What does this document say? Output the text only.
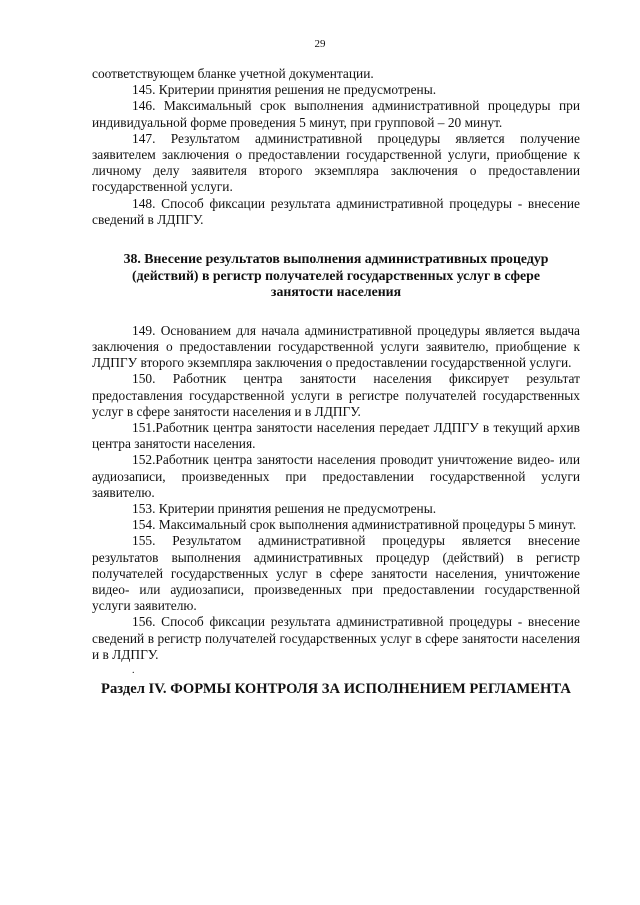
29

соответствующем бланке учетной документации.

145. Критерии принятия решения не предусмотрены.

146. Максимальный срок выполнения административной процедуры при индивидуальной форме проведения 5 минут, при групповой – 20 минут.

147. Результатом административной процедуры является получение заявителем заключения о предоставлении государственной услуги, приобщение к личному делу заявителя второго экземпляра заключения о предоставлении государственной услуги.

148. Способ фиксации результата административной процедуры - внесение сведений в ЛДПГУ.

38. Внесение результатов выполнения административных процедур (действий) в регистр получателей государственных услуг в сфере занятости населения

149. Основанием для начала административной процедуры является выдача заключения о предоставлении государственной услуги заявителю, приобщение к ЛДПГУ второго экземпляра заключения о предоставлении государственной услуги.

150. Работник центра занятости населения фиксирует результат предоставления государственной услуги в регистре получателей государственных услуг в сфере занятости населения и в ЛДПГУ.

151.Работник центра занятости населения передает ЛДПГУ в текущий архив центра занятости населения.

152.Работник центра занятости населения проводит уничтожение видео- или аудиозаписи, произведенных при предоставлении государственной услуги заявителю.

153. Критерии принятия решения не предусмотрены.

154. Максимальный срок выполнения административной процедуры 5 минут.

155. Результатом административной процедуры является внесение результатов выполнения административных процедур (действий) в регистр получателей государственных услуг в сфере занятости населения, уничтожение видео- или аудиозаписи, произведенных при предоставлении государственной услуги заявителю.

156. Способ фиксации результата административной процедуры - внесение сведений в регистр получателей государственных услуг в сфере занятости населения и в ЛДПГУ.

.

Раздел IV. ФОРМЫ КОНТРОЛЯ ЗА ИСПОЛНЕНИЕМ РЕГЛАМЕНТА
